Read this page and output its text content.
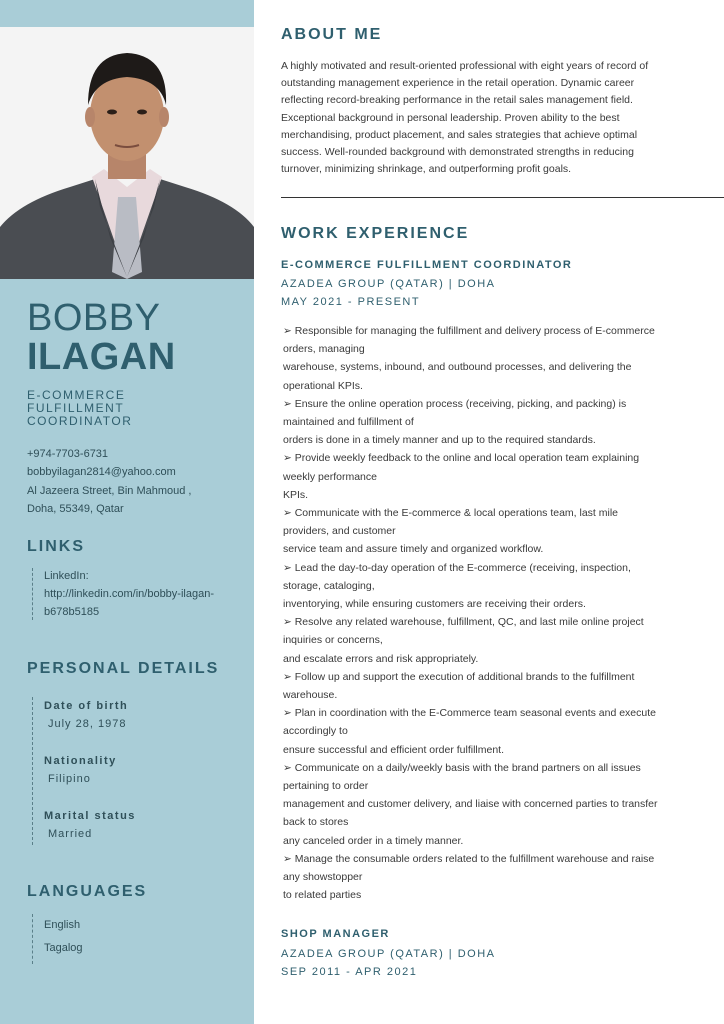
BOBBY
ILAGAN
E-COMMERCE FULFILLMENT COORDINATOR
+974-7703-6731
bobbyilagan2814@yahoo.com
Al Jazeera Street, Bin Mahmoud ,
Doha, 55349, Qatar
LINKS
LinkedIn:
http://linkedin.com/in/bobby-ilagan-
b678b5185
PERSONAL DETAILS
Date of birth
July 28, 1978
Nationality
Filipino
Marital status
Married
LANGUAGES
English
Tagalog
ABOUT ME
A highly motivated and result-oriented professional with eight years of record of
outstanding management experience in the retail operation. Dynamic career
reflecting record-breaking performance in the retail sales management field.
Exceptional background in personal leadership. Proven ability to the best
merchandising, product placement, and sales strategies that achieve optimal
success. Well-rounded background with demonstrated strengths in reducing
turnover, minimizing shrinkage, and outperforming profit goals.
WORK EXPERIENCE
E-COMMERCE FULFILLMENT COORDINATOR
AZADEA GROUP (QATAR) | DOHA
MAY 2021 - PRESENT
➢ Responsible for managing the fulfillment and delivery process of E-commerce
orders, managing
warehouse, systems, inbound, and outbound processes, and delivering the
operational KPIs.
➢ Ensure the online operation process (receiving, picking, and packing) is
maintained and fulfillment of
orders is done in a timely manner and up to the required standards.
➢ Provide weekly feedback to the online and local operation team explaining
weekly performance
KPIs.
➢ Communicate with the E-commerce & local operations team, last mile
providers, and customer
service team and assure timely and organized workflow.
➢ Lead the day-to-day operation of the E-commerce (receiving, inspection,
storage, cataloging,
inventorying, while ensuring customers are receiving their orders.
➢ Resolve any related warehouse, fulfillment, QC, and last mile online project
inquiries or concerns,
and escalate errors and risk appropriately.
➢ Follow up and support the execution of additional brands to the fulfillment
warehouse.
➢ Plan in coordination with the E-Commerce team seasonal events and execute
accordingly to
ensure successful and efficient order fulfillment.
➢ Communicate on a daily/weekly basis with the brand partners on all issues
pertaining to order
management and customer delivery, and liaise with concerned parties to transfer
back to stores
any canceled order in a timely manner.
➢ Manage the consumable orders related to the fulfillment warehouse and raise
any showstopper
to related parties
SHOP MANAGER
AZADEA GROUP (QATAR) | DOHA
SEP 2011 - APR 2021
